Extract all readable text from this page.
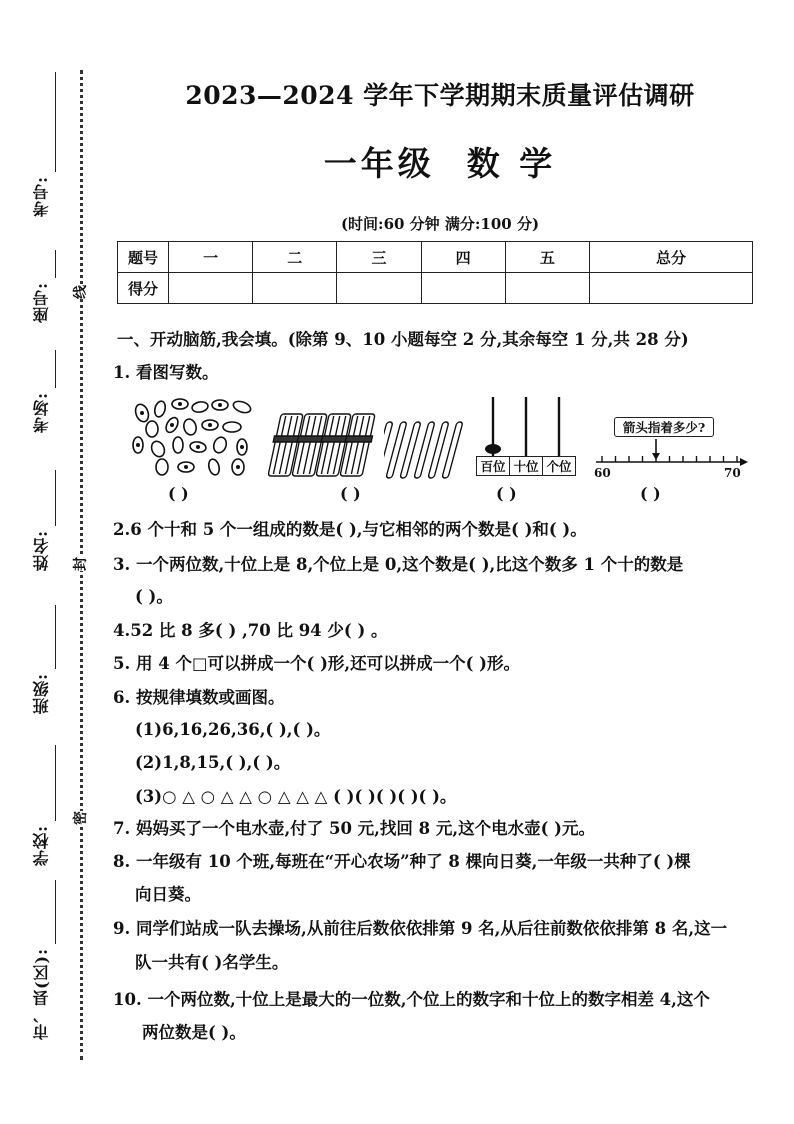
考号:
座号:
考场:
姓名:
班级:
学校:
市、县(区):
线
封
密
2023—2024 学年下学期期末质量评估调研
一年级 数 学
(时间:60 分钟 满分:100 分)
题号	一	二	三	四	五	总分
得分						
一、开动脑筋,我会填。(除第 9、10 小题每空 2 分,其余每空 1 分,共 28 分)
1. 看图写数。
( )	( )
百位 十位 个位
( )
箭头指着多少?
60	70
( )
2.6 个十和 5 个一组成的数是( ),与它相邻的两个数是( )和( )。
3. 一个两位数,十位上是 8,个位上是 0,这个数是( ),比这个数多 1 个十的数是
( )。
4.52 比 8 多( ) ,70 比 94 少( ) 。
5. 用 4 个□可以拼成一个( )形,还可以拼成一个( )形。
6. 按规律填数或画图。
(1)6,16,26,36,( ),( )。
(2)1,8,15,( ),( )。
(3)○ △ ○ △ △ ○ △ △ △ ( )( )( )( )( )。
7. 妈妈买了一个电水壶,付了 50 元,找回 8 元,这个电水壶( )元。
8. 一年级有 10 个班,每班在“开心农场”种了 8 棵向日葵,一年级一共种了( )棵
向日葵。
9. 同学们站成一队去操场,从前往后数依依排第 9 名,从后往前数依依排第 8 名,这一
队一共有( )名学生。
10. 一个两位数,十位上是最大的一位数,个位上的数字和十位上的数字相差 4,这个
两位数是( )。
